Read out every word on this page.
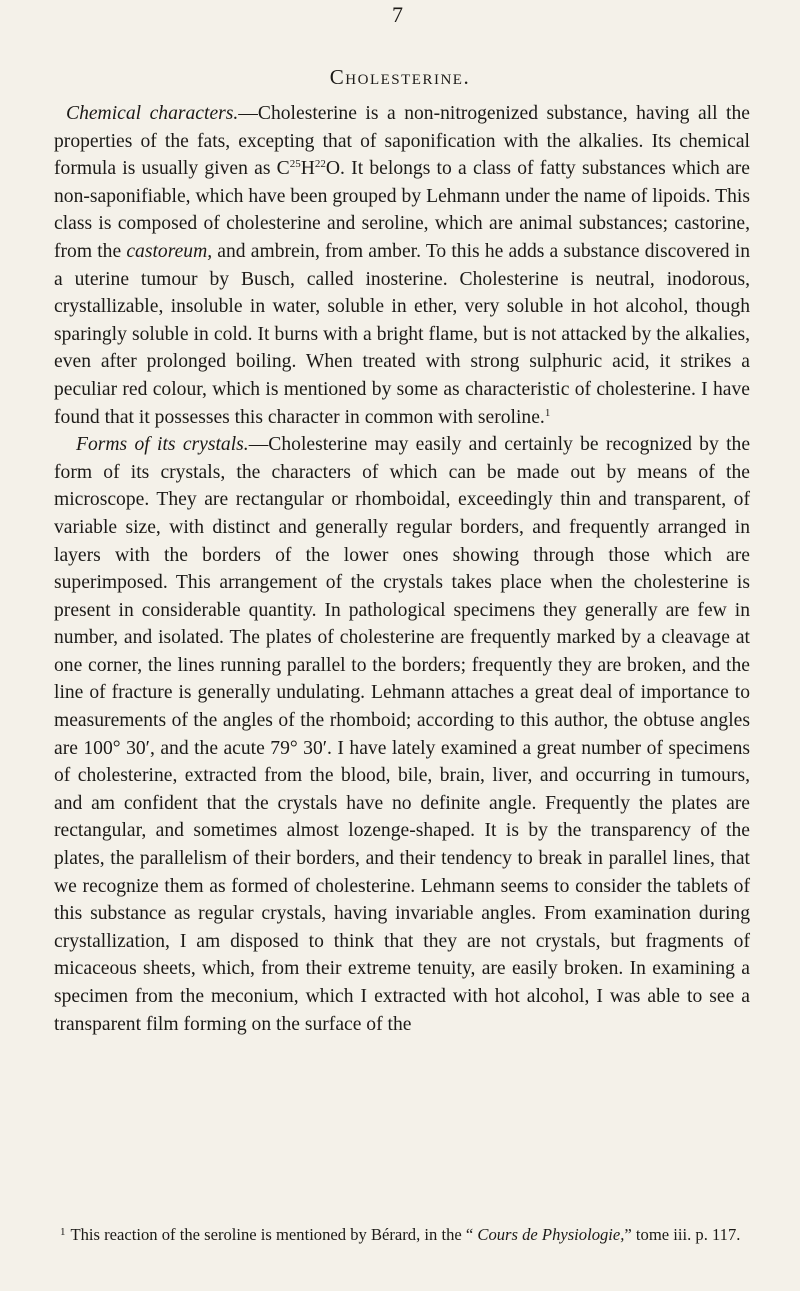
7
Cholesterine.

Chemical characters.—Cholesterine is a non-nitrogenized substance, having all the properties of the fats, excepting that of saponification with the alkalies. Its chemical formula is usually given as $C^{25}H^{22}O$. It belongs to a class of fatty substances which are non-saponifiable, which have been grouped by Lehmann under the name of lipoids. This class is composed of cholesterine and seroline, which are animal substances; castorine, from the castoreum, and ambrein, from amber. To this he adds a substance discovered in a uterine tumour by Busch, called inosterine. Cholesterine is neutral, inodorous, crystallizable, insoluble in water, soluble in ether, very soluble in hot alcohol, though sparingly soluble in cold. It burns with a bright flame, but is not attacked by the alkalies, even after prolonged boiling. When treated with strong sulphuric acid, it strikes a peculiar red colour, which is mentioned by some as characteristic of cholesterine. I have found that it possesses this character in common with seroline.$^1$

Forms of its crystals.—Cholesterine may easily and certainly be recognized by the form of its crystals, the characters of which can be made out by means of the microscope. They are rectangular or rhomboidal, exceedingly thin and transparent, of variable size, with distinct and generally regular borders, and frequently arranged in layers with the borders of the lower ones showing through those which are superimposed. This arrangement of the crystals takes place when the cholesterine is present in considerable quantity. In pathological specimens they generally are few in number, and isolated. The plates of cholesterine are frequently marked by a cleavage at one corner, the lines running parallel to the borders; frequently they are broken, and the line of fracture is generally undulating. Lehmann attaches a great deal of importance to measurements of the angles of the rhomboid; according to this author, the obtuse angles are 100° 30′, and the acute 79° 30′. I have lately examined a great number of specimens of cholesterine, extracted from the blood, bile, brain, liver, and occurring in tumours, and am confident that the crystals have no definite angle. Frequently the plates are rectangular, and sometimes almost lozenge-shaped. It is by the transparency of the plates, the parallelism of their borders, and their tendency to break in parallel lines, that we recognize them as formed of cholesterine. Lehmann seems to consider the tablets of this substance as regular crystals, having invariable angles. From examination during crystallization, I am disposed to think that they are not crystals, but fragments of micaceous sheets, which, from their extreme tenuity, are easily broken. In examining a specimen from the meconium, which I extracted with hot alcohol, I was able to see a transparent film forming on the surface of the

$^1$ This reaction of the seroline is mentioned by Bérard, in the “ Cours de Physiologie,” tome iii. p. 117.
